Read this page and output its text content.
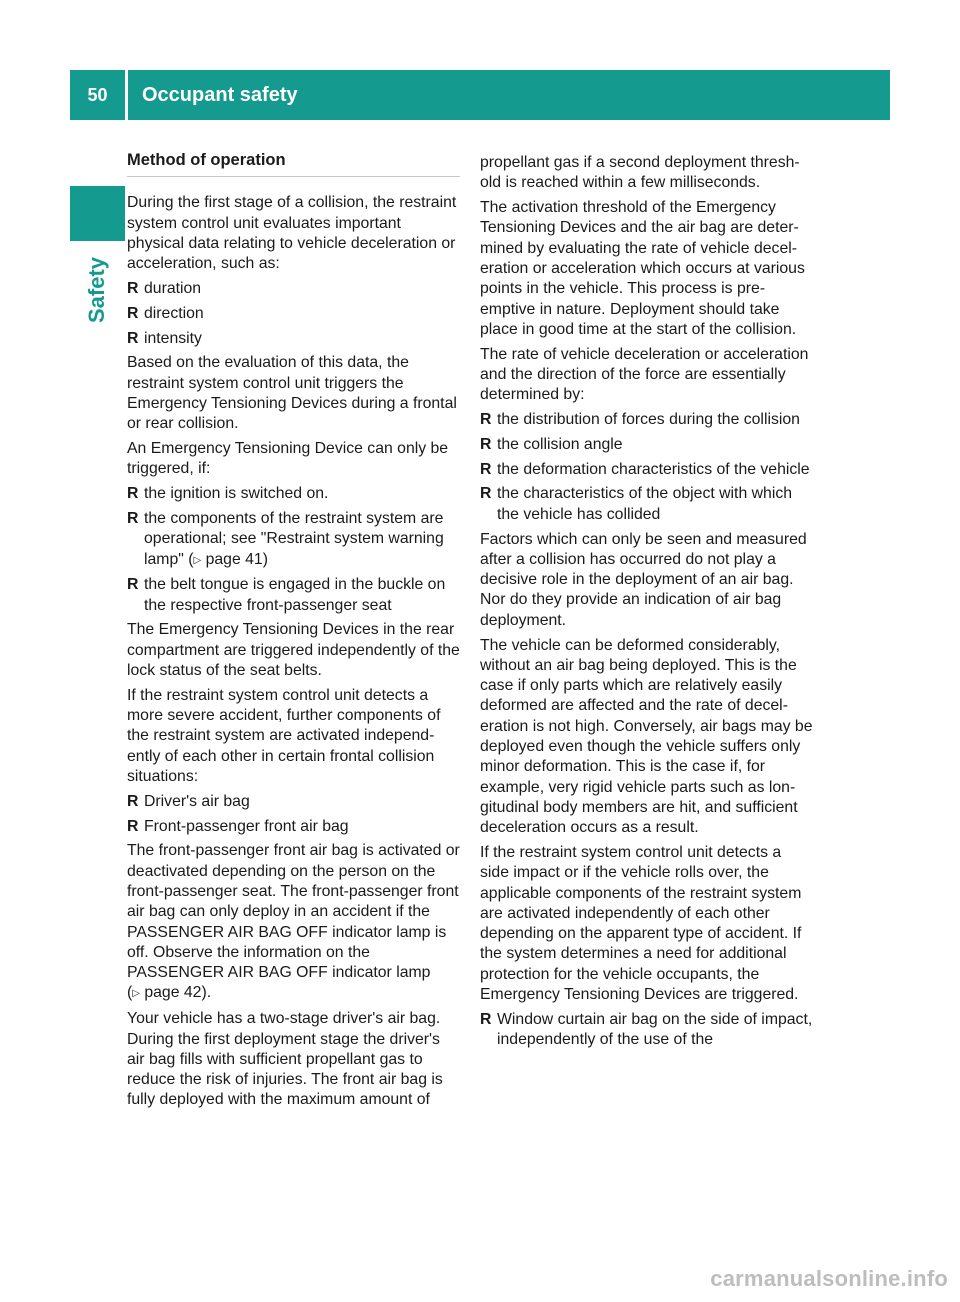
50	Occupant safety
Safety
Method of operation

During the first stage of a collision, the restraint system control unit evaluates important physical data relating to vehicle deceleration or acceleration, such as:

R duration
R direction
R intensity

Based on the evaluation of this data, the restraint system control unit triggers the Emergency Tensioning Devices during a frontal or rear collision.

An Emergency Tensioning Device can only be triggered, if:

R the ignition is switched on.
R the components of the restraint system are operational; see "Restraint system warning lamp" (▷ page 41)
R the belt tongue is engaged in the buckle on the respective front-passenger seat

The Emergency Tensioning Devices in the rear compartment are triggered independently of the lock status of the seat belts.

If the restraint system control unit detects a more severe accident, further components of the restraint system are activated independently of each other in certain frontal collision situations:

R Driver's air bag
R Front-passenger front air bag

The front-passenger front air bag is activated or deactivated depending on the person on the front-passenger seat. The front-passenger front air bag can only deploy in an accident if the PASSENGER AIR BAG OFF indicator lamp is off. Observe the information on the PASSENGER AIR BAG OFF indicator lamp (▷ page 42).

Your vehicle has a two-stage driver's air bag. During the first deployment stage the driver's air bag fills with sufficient propellant gas to reduce the risk of injuries. The front air bag is fully deployed with the maximum amount of

propellant gas if a second deployment threshold is reached within a few milliseconds.

The activation threshold of the Emergency Tensioning Devices and the air bag are determined by evaluating the rate of vehicle deceleration or acceleration which occurs at various points in the vehicle. This process is preemptive in nature. Deployment should take place in good time at the start of the collision.

The rate of vehicle deceleration or acceleration and the direction of the force are essentially determined by:

R the distribution of forces during the collision
R the collision angle
R the deformation characteristics of the vehicle
R the characteristics of the object with which the vehicle has collided

Factors which can only be seen and measured after a collision has occurred do not play a decisive role in the deployment of an air bag. Nor do they provide an indication of air bag deployment.

The vehicle can be deformed considerably, without an air bag being deployed. This is the case if only parts which are relatively easily deformed are affected and the rate of deceleration is not high. Conversely, air bags may be deployed even though the vehicle suffers only minor deformation. This is the case if, for example, very rigid vehicle parts such as longitudinal body members are hit, and sufficient deceleration occurs as a result.

If the restraint system control unit detects a side impact or if the vehicle rolls over, the applicable components of the restraint system are activated independently of each other depending on the apparent type of accident. If the system determines a need for additional protection for the vehicle occupants, the Emergency Tensioning Devices are triggered.

R Window curtain air bag on the side of impact, independently of the use of the
carmanualsonline.info
